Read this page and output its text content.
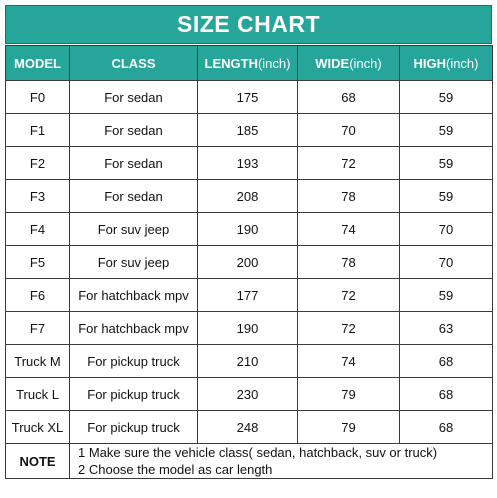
SIZE CHART
MODEL	CLASS	LENGTH(inch)	WIDE(inch)	HIGH(inch)
F0	For sedan	175	68	59
F1	For sedan	185	70	59
F2	For sedan	193	72	59
F3	For sedan	208	78	59
F4	For suv jeep	190	74	70
F5	For suv jeep	200	78	70
F6	For hatchback mpv	177	72	59
F7	For hatchback mpv	190	72	63
Truck M	For pickup truck	210	74	68
Truck L	For pickup truck	230	79	68
Truck XL	For pickup truck	248	79	68
NOTE	1 Make sure the vehicle class( sedan, hatchback, suv or truck)
2 Choose the model as car length			
